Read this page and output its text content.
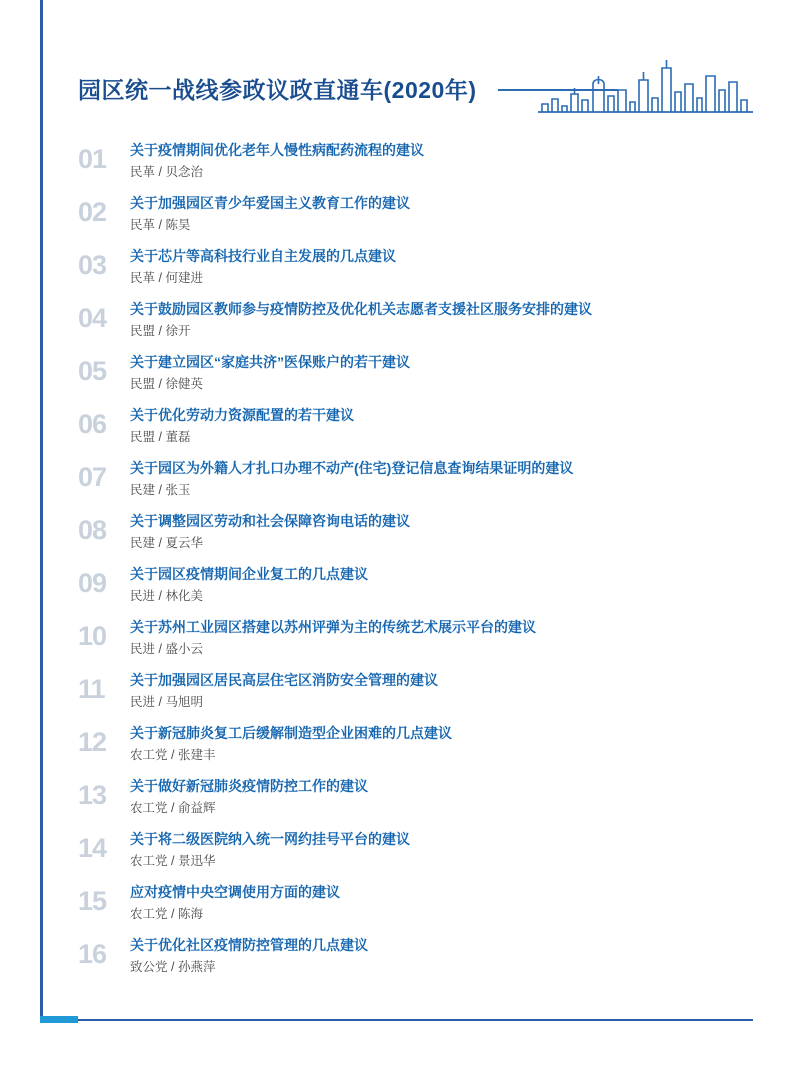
园区统一战线参政议政直通车(2020年)
01	关于疫情期间优化老年人慢性病配药流程的建议
民革 / 贝念治
02	关于加强园区青少年爱国主义教育工作的建议
民革 / 陈昊
03	关于芯片等高科技行业自主发展的几点建议
民革 / 何建进
04	关于鼓励园区教师参与疫情防控及优化机关志愿者支援社区服务安排的建议
民盟 / 徐开
05	关于建立园区“家庭共济”医保账户的若干建议
民盟 / 徐健英
06	关于优化劳动力资源配置的若干建议
民盟 / 董磊
07	关于园区为外籍人才扎口办理不动产(住宅)登记信息查询结果证明的建议
民建 / 张玉
08	关于调整园区劳动和社会保障咨询电话的建议
民建 / 夏云华
09	关于园区疫情期间企业复工的几点建议
民进 / 林化美
10	关于苏州工业园区搭建以苏州评弹为主的传统艺术展示平台的建议
民进 / 盛小云
11	关于加强园区居民高层住宅区消防安全管理的建议
民进 / 马旭明
12	关于新冠肺炎复工后缓解制造型企业困难的几点建议
农工党 / 张建丰
13	关于做好新冠肺炎疫情防控工作的建议
农工党 / 俞益辉
14	关于将二级医院纳入统一网约挂号平台的建议
农工党 / 景迅华
15	应对疫情中央空调使用方面的建议
农工党 / 陈海
16	关于优化社区疫情防控管理的几点建议
致公党 / 孙燕萍
